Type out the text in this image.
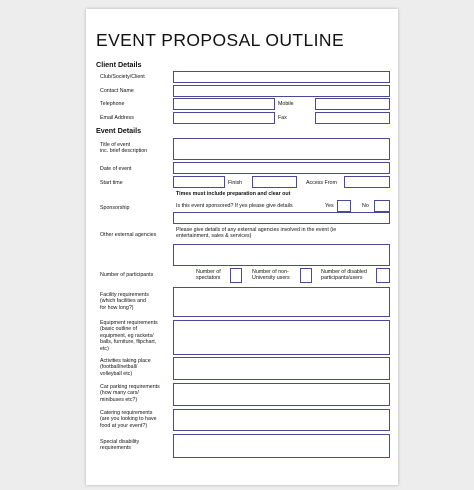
EVENT PROPOSAL OUTLINE
Client Details
Club/Society/Client
Contact Name
Telephone	Mobile
Email Address	Fax
Event Details
Title of event
inc. brief description
Date of event
Start time	Finish	Access From
Times must include preparation and clear out
Sponsorship	Is this event sponsored? If yes please give details	Yes	No
Other external agencies
Please give details of any external agencies involved in the event (ie
entertainment, sales & services)
Number of participants	Number of
spectators
Number of non-
University users
Number of disabled
participants/users
Facility requirements
(which facilities and
for how long?)
Equipment requirements
(basic outline of
equipment, eg rackets/
balls, furniture, flipchart,
etc)
Activities taking place
(football/netball/
volleyball etc)
Car parking requirements
(how many cars/
minibuses etc?)
Catering requirements
(are you looking to have
food at your event?)
Special disability
requirements
